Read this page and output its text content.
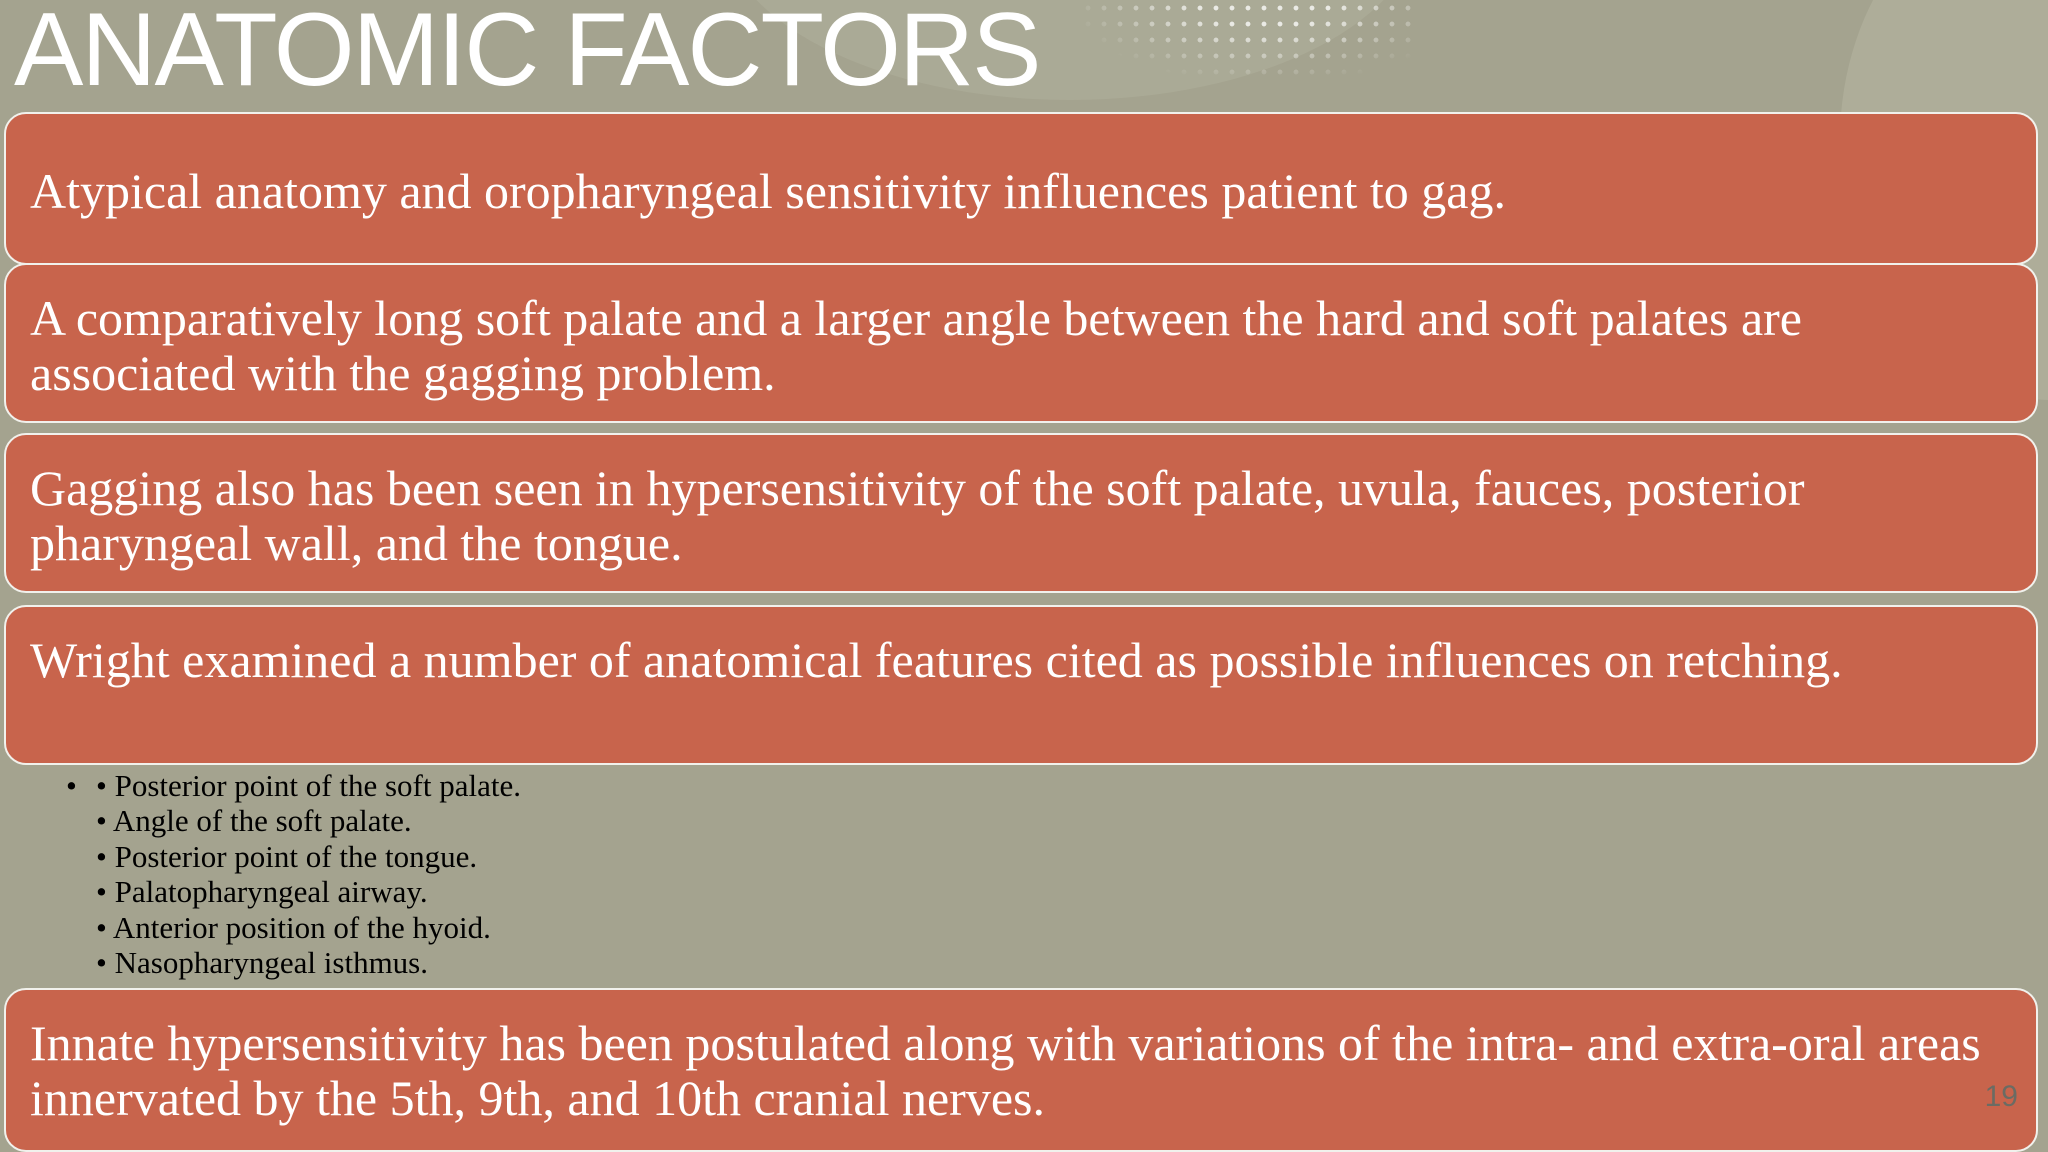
ANATOMIC FACTORS
Atypical anatomy and oropharyngeal sensitivity influences patient to gag.
A comparatively long soft palate and a larger angle between the hard and soft palates are associated with the gagging problem.
Gagging also has been seen in hypersensitivity of the soft palate, uvula, fauces, posterior pharyngeal wall, and the tongue.
Wright examined a number of anatomical features cited as possible influences on retching.
• • Posterior point of the soft palate.
• Angle of the soft palate.
• Posterior point of the tongue.
• Palatopharyngeal airway.
• Anterior position of the hyoid.
• Nasopharyngeal isthmus.
Innate hypersensitivity has been postulated along with variations of the intra- and extra-oral areas innervated by the 5th, 9th, and 10th cranial nerves.	19
